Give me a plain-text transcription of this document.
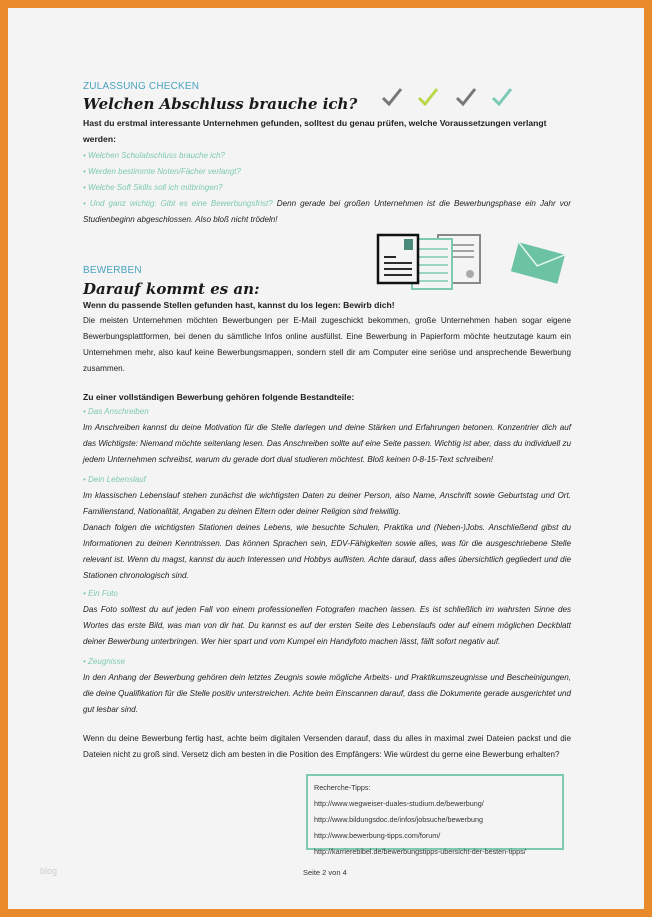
ZULASSUNG CHECKEN
Welchen Abschluss brauche ich?
Hast du erstmal interessante Unternehmen gefunden, solltest du genau prüfen, welche Voraussetzungen verlangt werden:
• Welchen Schulabschluss brauche ich?
• Werden bestimmte Noten/Fächer verlangt?
• Welche Soft Skills soll ich mitbringen?
• Und ganz wichtig: Gibt es eine Bewerbungsfrist? Denn gerade bei großen Unternehmen ist die Bewerbungsphase ein Jahr vor Studienbeginn abgeschlossen. Also bloß nicht trödeln!
BEWERBEN
Darauf kommt es an:
Wenn du passende Stellen gefunden hast, kannst du los legen: Bewirb dich!
Die meisten Unternehmen möchten Bewerbungen per E-Mail zugeschickt bekommen, große Unternehmen haben sogar eigene Bewerbungsplattformen, bei denen du sämtliche Infos online ausfüllst. Eine Bewerbung in Papierform möchte heutzutage kaum ein Unternehmen mehr, also kauf keine Bewerbungsmappen, sondern stell dir am Computer eine seriöse und ansprechende Bewerbung zusammen.
Zu einer vollständigen Bewerbung gehören folgende Bestandteile:
• Das Anschreiben
Im Anschreiben kannst du deine Motivation für die Stelle darlegen und deine Stärken und Erfahrungen betonen. Konzentrier dich auf das Wichtigste: Niemand möchte seitenlang lesen. Das Anschreiben sollte auf eine Seite passen. Wichtig ist aber, dass du individuell zu jedem Unternehmen schreibst, warum du gerade dort dual studieren möchtest. Bloß keinen 0-8-15-Text schreiben!
• Dein Lebenslauf
Im klassischen Lebenslauf stehen zunächst die wichtigsten Daten zu deiner Person, also Name, Anschrift sowie Geburtstag und Ort. Familienstand, Nationalität, Angaben zu deinen Eltern oder deiner Religion sind freiwillig.
Danach folgen die wichtigsten Stationen deines Lebens, wie besuchte Schulen, Praktika und (Neben-)Jobs. Anschließend gibst du Informationen zu deinen Kenntnissen. Das können Sprachen sein, EDV-Fähigkeiten sowie alles, was für die ausgeschriebene Stelle relevant ist. Wenn du magst, kannst du auch Interessen und Hobbys auflisten. Achte darauf, dass alles übersichtlich gegliedert und die Stationen chronologisch sind.
• Ein Foto
Das Foto solltest du auf jeden Fall von einem professionellen Fotografen machen lassen. Es ist schließlich im wahrsten Sinne des Wortes das erste Bild, was man von dir hat. Du kannst es auf der ersten Seite des Lebenslaufs oder auf einem möglichen Deckblatt deiner Bewerbung unterbringen. Wer hier spart und vom Kumpel ein Handyfoto machen lässt, fällt sofort negativ auf.
• Zeugnisse
In den Anhang der Bewerbung gehören dein letztes Zeugnis sowie mögliche Arbeits- und Praktikumszeugnisse und Bescheinigungen, die deine Qualifikation für die Stelle positiv unterstreichen. Achte beim Einscannen darauf, dass die Dokumente gerade ausgerichtet und gut lesbar sind.
Wenn du deine Bewerbung fertig hast, achte beim digitalen Versenden darauf, dass du alles in maximal zwei Dateien packst und die Dateien nicht zu groß sind. Versetz dich am besten in die Position des Empfängers: Wie würdest du gerne eine Bewerbung erhalten?
Recherche-Tipps:
http://www.wegweiser-duales-studium.de/bewerbung/
http://www.bildungsdoc.de/infos/jobsuche/bewerbung
http://www.bewerbung-tipps.com/forum/
http://karrierebibel.de/bewerbungstipps-ubersicht-der-besten-tipps/
blog	Seite 2 von 4
